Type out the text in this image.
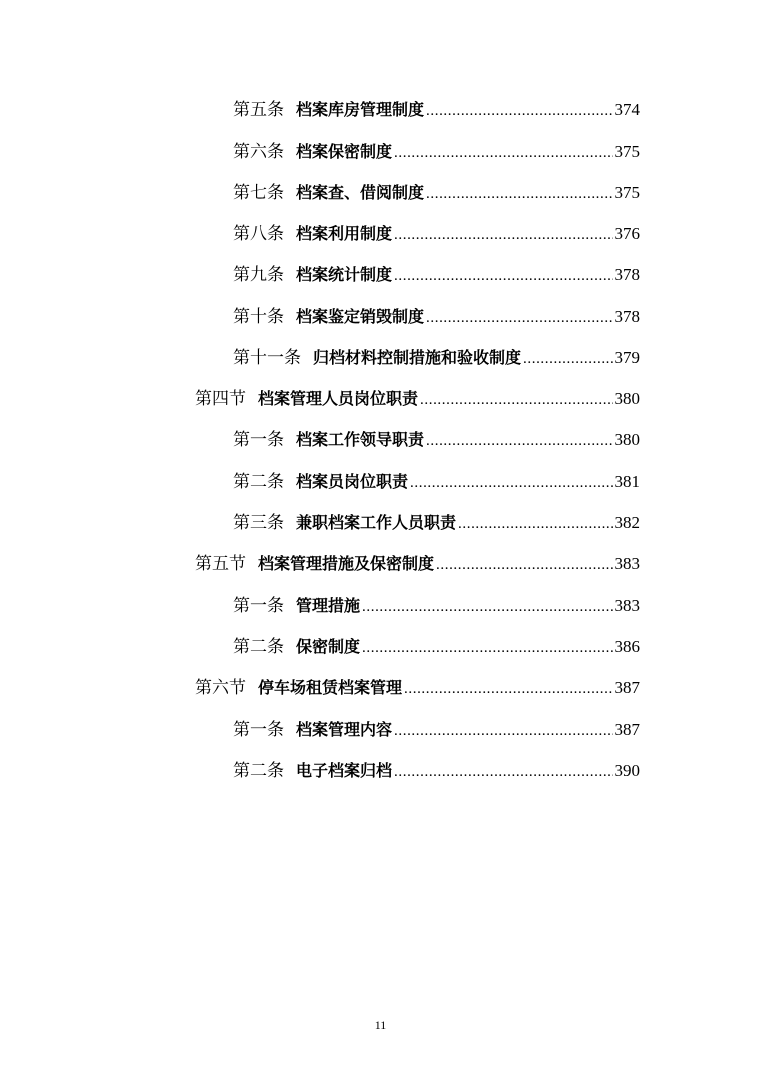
第五条 档案库房管理制度 .....	374
第六条 档案保密制度 .....	375
第七条 档案查、借阅制度 .....	375
第八条 档案利用制度 .....	376
第九条 档案统计制度 .....	378
第十条 档案鉴定销毁制度 .....	378
第十一条 归档材料控制措施和验收制度 .....	379
第四节 档案管理人员岗位职责 .....	380
第一条 档案工作领导职责 .....	380
第二条 档案员岗位职责 .....	381
第三条 兼职档案工作人员职责 .....	382
第五节 档案管理措施及保密制度 .....	383
第一条 管理措施 .....	383
第二条 保密制度 .....	386
第六节 停车场租赁档案管理 .....	387
第一条 档案管理内容 .....	387
第二条 电子档案归档 .....	390
11
